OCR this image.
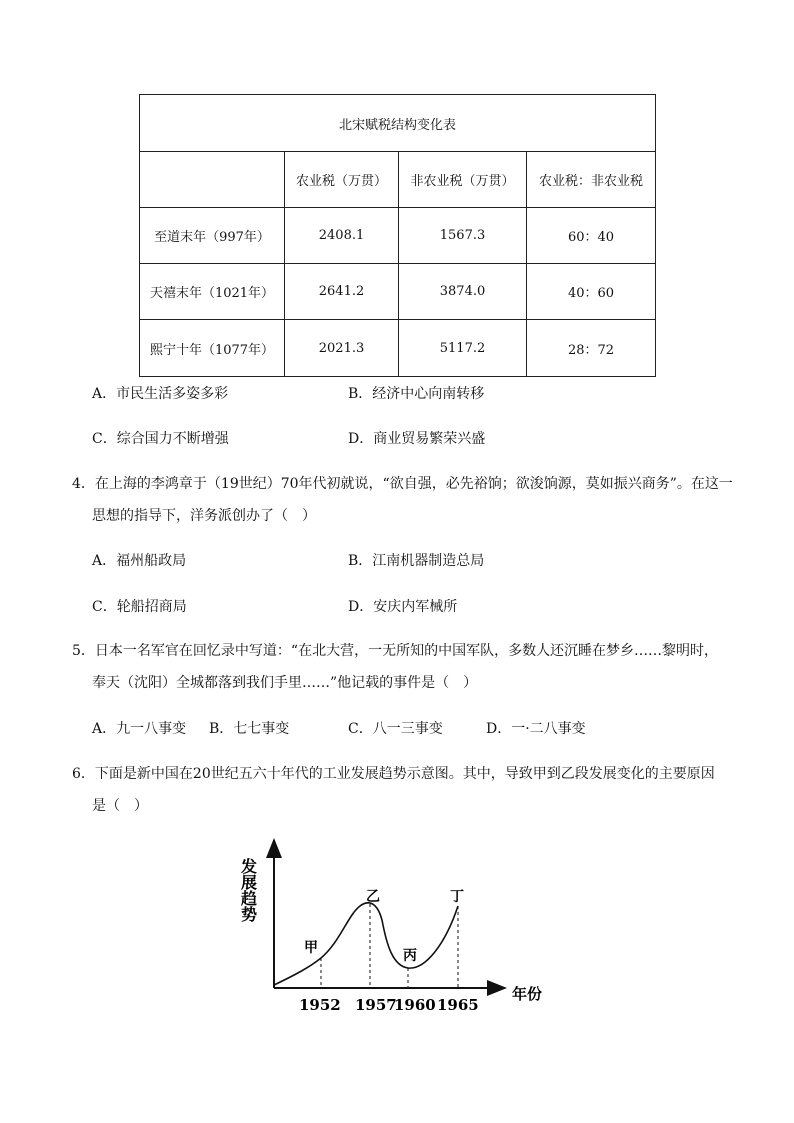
北宋赋税结构变化表			
	农业税（万贯）	非农业税（万贯）	农业税：非农业税
至道末年（997年）	2408.1	1567.3	60：40
天禧末年（1021年）	2641.2	3874.0	40：60
熙宁十年（1077年）	2021.3	5117.2	28：72
A．市民生活多姿多彩	B．经济中心向南转移
C．综合国力不断增强	D．商业贸易繁荣兴盛
4．在上海的李鸿章于（19世纪）70年代初就说，“欲自强，必先裕饷；欲浚饷源，莫如振兴商务”。在这一
思想的指导下，洋务派创办了（　）
A．福州船政局	B．江南机器制造总局
C．轮船招商局	D．安庆内军械所
5．日本一名军官在回忆录中写道：“在北大营，一无所知的中国军队，多数人还沉睡在梦乡……黎明时，
奉天（沈阳）全城都落到我们手里……”他记载的事件是（　）
A．九一八事变 B．七七事变	C．八一三事变	D．一·二八事变
6．下面是新中国在20世纪五六十年代的工业发展趋势示意图。其中，导致甲到乙段发展变化的主要原因
是（　）
发展趋势
甲
乙
丙
丁
1952 1957
1960 1965
年份
